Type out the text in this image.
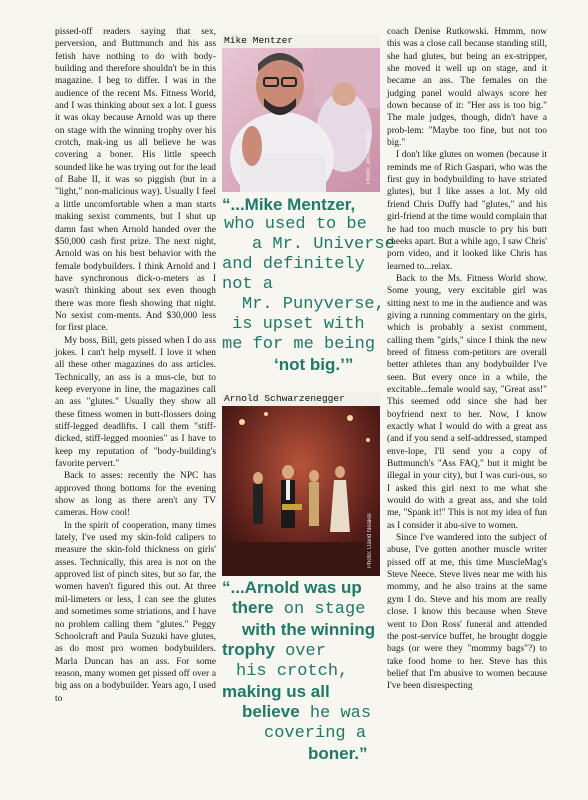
pissed-off readers saying that sex, perversion, and Buttmunch and his ass fetish have nothing to do with body-building and therefore shouldn't be in this magazine. I beg to differ. I was in the audience of the recent Ms. Fitness World, and I was thinking about sex a lot. I guess it was okay because Arnold was up there on stage with the winning trophy over his crotch, mak-ing us all believe he was covering a boner. His little speech sounded like he was trying out for the lead of Babe II, it was so piggish (but in a "light," non-malicious way). Usually I feel a little uncomfortable when a man starts making sexist comments, but I shut up damn fast when Arnold handed over the $50,000 cash first prize. The next night, Arnold was on his best behavior with the female bodybuilders. I think Arnold and I have synchronous dick-o-meters as I wasn't thinking about sex even though there was more flesh showing that night. No sexist com-ments. And $30,000 less for first place.

My boss, Bill, gets pissed when I do ass jokes. I can't help myself. I love it when all these other magazines do ass articles. Technically, an ass is a mus-cle, but to keep everyone in line, the magazines call an ass "glutes." Usually they show all these fitness women in butt-flossers doing stiff-legged deadlifts. I call them "stiff-dicked, stiff-legged moonies" as I have to keep my reputation of "body-building's favorite pervert."

Back to asses: recently the NPC has approved thong bottoms for the evening show as long as there aren't any TV cameras. How cool!

In the spirit of cooperation, many times lately, I've used my skin-fold calipers to measure the skin-fold thickness on girls' asses. Technically, this area is not on the approved list of pinch sites, but so far, the women haven't figured this out. At three mil-limeters or less, I can see the glutes and sometimes some striations, and I have no problem calling them "glutes." Peggy Schoolcraft and Paula Suzuki have glutes, as do most pro women bodybuilders. Marla Duncan has an ass. For some reason, many women get pissed off over a big ass on a bodybuilder. Years ago, I used to

Mike Mentzer
Photo: Jim Amentler
“...Mike Mentzer,
who used to be
a Mr. Universe
and definitely
not a
Mr. Punyverse,
is upset with
me for me being
‘not big.’”
Arnold Schwarzenegger
Photo: David Neakel
“...Arnold was up
there on stage
with the winning
trophy over
his crotch,
making us all
believe he was
covering a
boner.”

coach Denise Rutkowski. Hmmm, now this was a close call because standing still, she had glutes, but being an ex-stripper, she moved it well up on stage, and it became an ass. The females on the judging panel would always score her down because of it: "Her ass is too big." The male judges, though, didn't have a prob-lem: "Maybe too fine, but not too big."

I don't like glutes on women (because it reminds me of Rich Gaspari, who was the first guy in bodybuilding to have striated glutes), but I like asses a lot. My old friend Chris Duffy had "glutes," and his girl-friend at the time would complain that he had too much muscle to pry his butt cheeks apart. But a while ago, I saw Chris' porn video, and it looked like Chris has learned to...relax.

Back to the Ms. Fitness World show. Some young, very excitable girl was sitting next to me in the audience and was giving a running commentary on the girls, which is probably a sexist comment, calling them "girls," since I think the new breed of fitness com-petitors are overall better athletes than any bodybuilder I've seen. But every once in a while, the excitable...female would say, "Great ass!" This seemed odd since she had her boyfriend next to her. Now, I know exactly what I would do with a great ass (and if you send a self-addressed, stamped enve-lope, I'll send you a copy of Buttmunch's "Ass FAQ," but it might be illegal in your city), but I was curi-ous, so I asked this girl next to me what she would do with a great ass, and she told me, "Spank it!" This is not my idea of fun as I consider it abu-sive to women.

Since I've wandered into the subject of abuse, I've gotten another muscle writer pissed off at me, this time MuscleMag's Steve Neece. Steve lives near me with his mommy, and he also trains at the same gym I do. Steve and his mom are really close. I know this because when Steve went to Don Ross' funeral and attended the post-service buffet, he brought doggie bags (or were they "mommy bags"?) to take food home to her. Steve has this belief that I'm abusive to women because I've been disrespecting
